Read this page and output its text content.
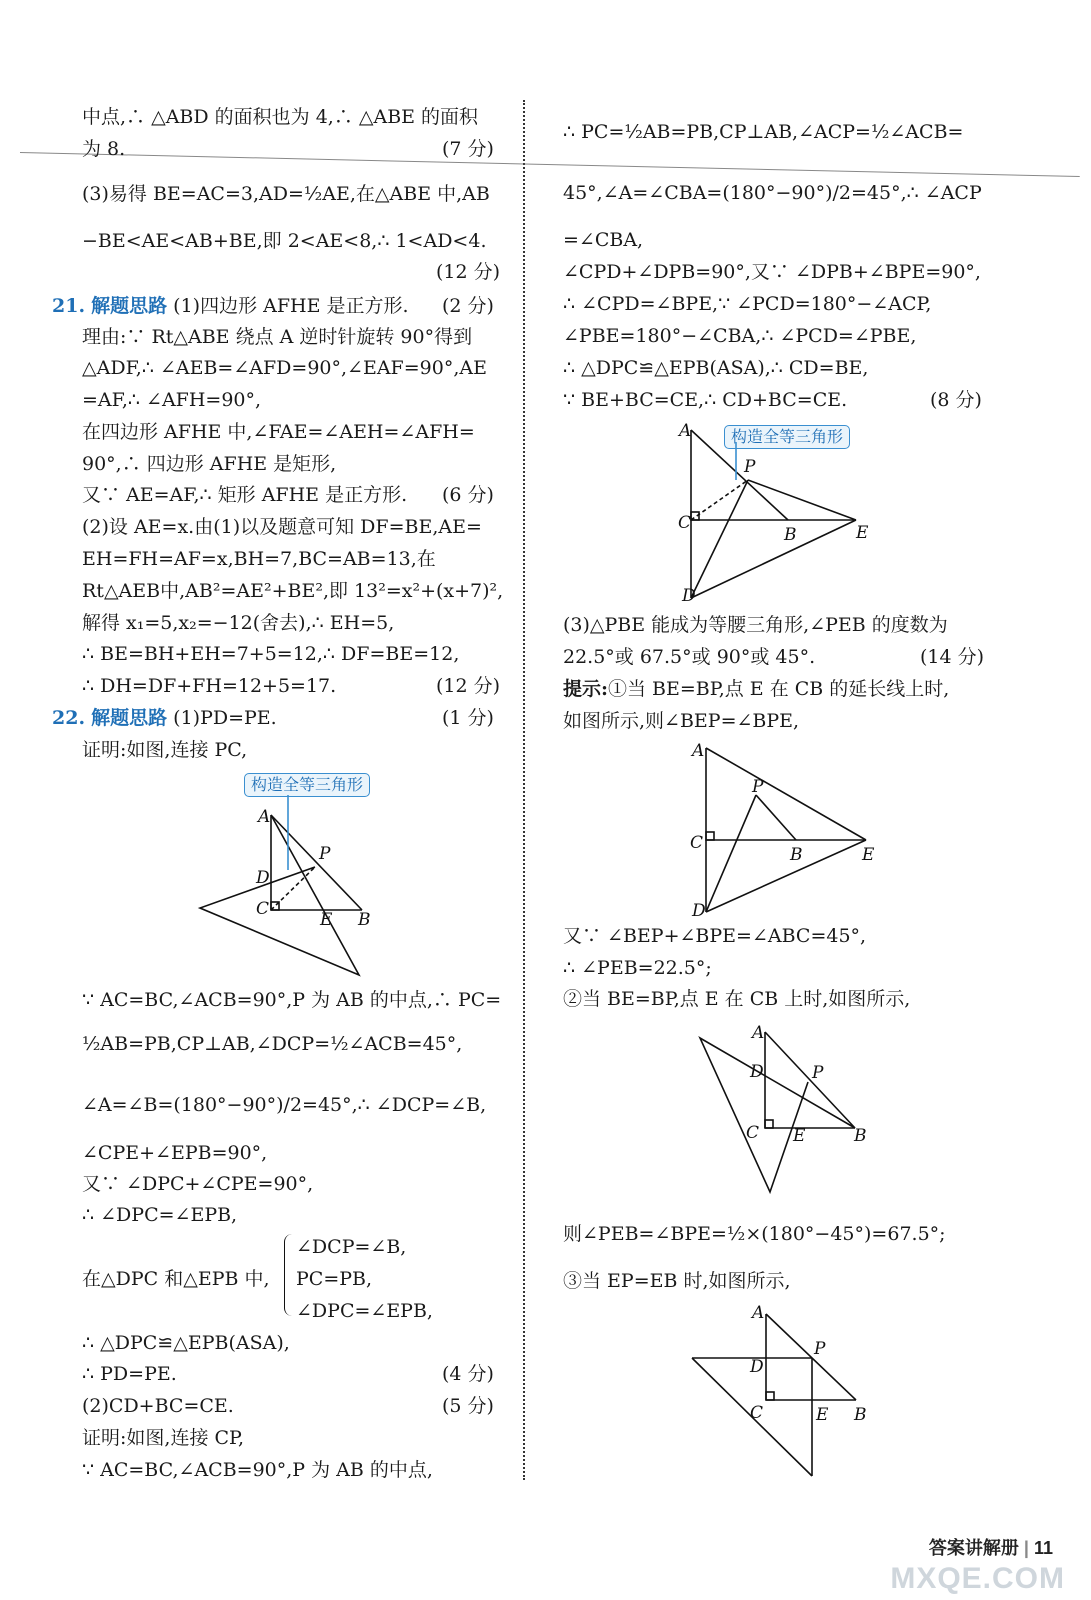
中点,∴ △ABD 的面积也为 4,∴ △ABE 的面积
为 8.	(7 分)
(3)易得 BE=AC=3,AD=½AE,在△ABE 中,AB
−BE<AE<AB+BE,即 2<AE<8,∴ 1<AD<4.
(12 分)
21. 解题思路 (1)四边形 AFHE 是正方形. (2 分)
理由:∵ Rt△ABE 绕点 A 逆时针旋转 90°得到
△ADF,∴ ∠AEB=∠AFD=90°,∠EAF=90°,AE
=AF,∴ ∠AFH=90°,
在四边形 AFHE 中,∠FAE=∠AEH=∠AFH=
90°,∴ 四边形 AFHE 是矩形,
又∵ AE=AF,∴ 矩形 AFHE 是正方形. (6 分)
(2)设 AE=x.由(1)以及题意可知 DF=BE,AE=
EH=FH=AF=x,BH=7,BC=AB=13,在
Rt△AEB中,AB²=AE²+BE²,即 13²=x²+(x+7)²,
解得 x₁=5,x₂=−12(舍去),∴ EH=5,
∴ BE=BH+EH=7+5=12,∴ DF=BE=12,
∴ DH=DF+FH=12+5=17.	(12 分)
22. 解题思路 (1)PD=PE.	(1 分)
证明:如图,连接 PC,
构造全等三角形
A
D
C
P
E B
∵ AC=BC,∠ACB=90°,P 为 AB 的中点,∴ PC=
½AB=PB,CP⊥AB,∠DCP=½∠ACB=45°,
∠A=∠B=(180°−90°)/2=45°,∴ ∠DCP=∠B,
∠CPE+∠EPB=90°,
又∵ ∠DPC+∠CPE=90°,
∴ ∠DPC=∠EPB,
在△DPC 和△EPB 中,
∠DCP=∠B,
PC=PB,
∠DPC=∠EPB,
∴ △DPC≌△EPB(ASA),
∴ PD=PE.	(4 分)
(2)CD+BC=CE.	(5 分)
证明:如图,连接 CP,
∵ AC=BC,∠ACB=90°,P 为 AB 的中点,
∴ PC=½AB=PB,CP⊥AB,∠ACP=½∠ACB=
45°,∠A=∠CBA=(180°−90°)/2=45°,∴ ∠ACP
=∠CBA,
∠CPD+∠DPB=90°,又∵ ∠DPB+∠BPE=90°,
∴ ∠CPD=∠BPE,∵ ∠PCD=180°−∠ACP,
∠PBE=180°−∠CBA,∴ ∠PCD=∠PBE,
∴ △DPC≌△EPB(ASA),∴ CD=BE,
∵ BE+BC=CE,∴ CD+BC=CE.	(8 分)
构造全等三角形
A
P
C
B	E
D
(3)△PBE 能成为等腰三角形,∠PEB 的度数为
22.5°或 67.5°或 90°或 45°.	(14 分)
提示:①当 BE=BP,点 E 在 CB 的延长线上时,
如图所示,则∠BEP=∠BPE,
A
P
C
B	E
D
又∵ ∠BEP+∠BPE=∠ABC=45°,
∴ ∠PEB=22.5°;
②当 BE=BP,点 E 在 CB 上时,如图所示,
A
D	P
C E	B
则∠PEB=∠BPE=½×(180°−45°)=67.5°;
③当 EP=EB 时,如图所示,
A
P
D
C	E B
答案讲解册 | 11
MXQE.COM
